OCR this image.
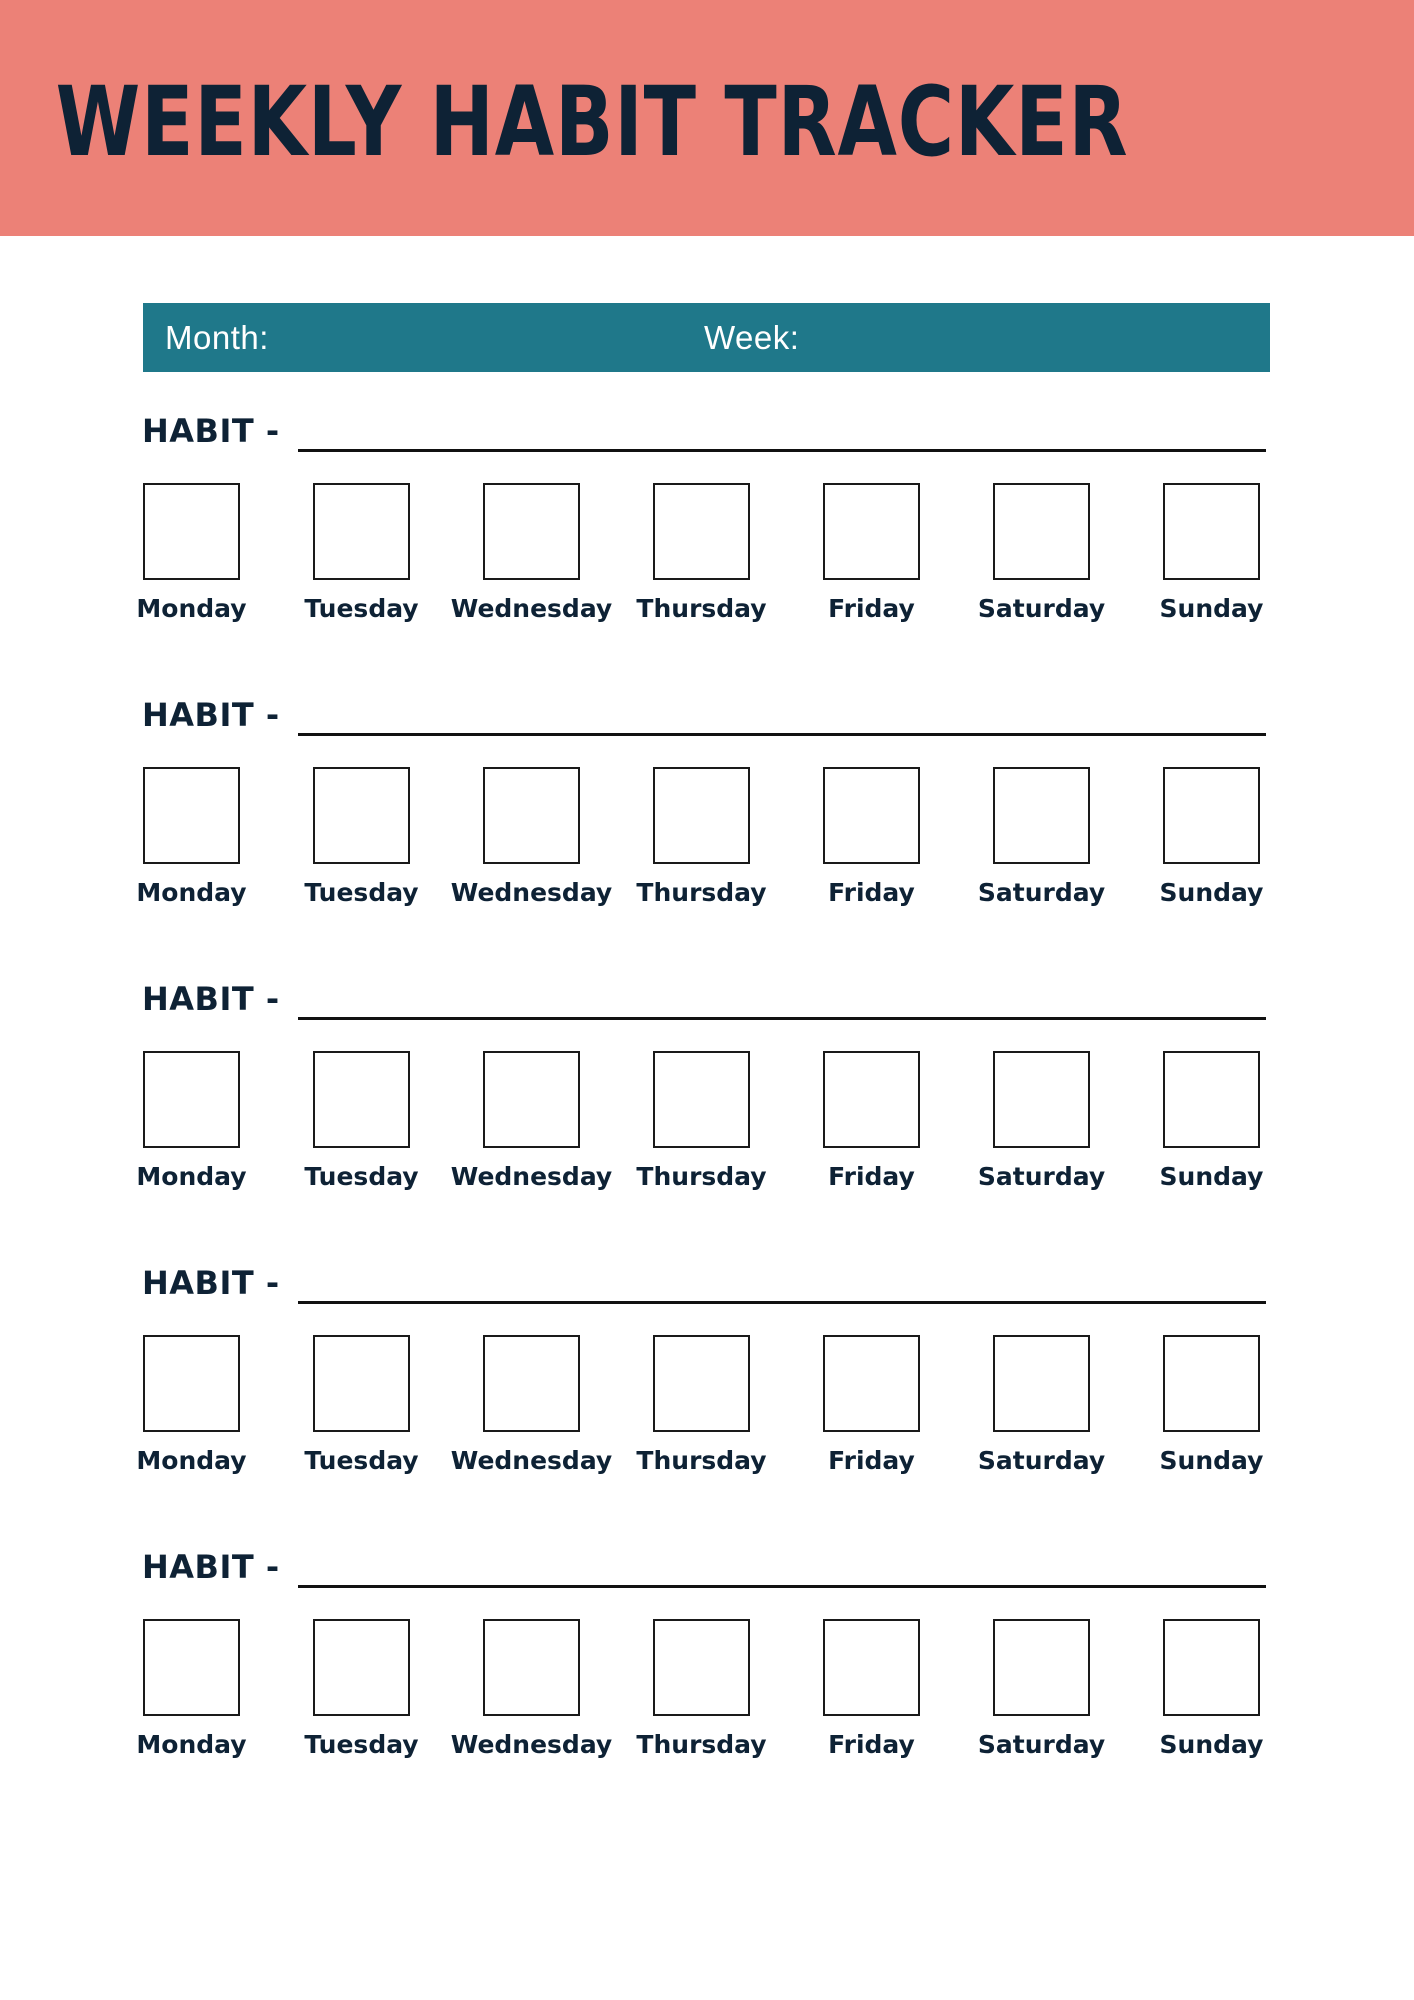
WEEKLY HABIT TRACKER
Month:	Week:
HABIT -
Monday	Tuesday	Wednesday Thursday	Friday	Saturday	Sunday
HABIT -
Monday	Tuesday	Wednesday Thursday	Friday	Saturday	Sunday
HABIT -
Monday	Tuesday	Wednesday Thursday	Friday	Saturday	Sunday
HABIT -
Monday	Tuesday	Wednesday Thursday	Friday	Saturday	Sunday
HABIT -
Monday	Tuesday	Wednesday Thursday	Friday	Saturday	Sunday
